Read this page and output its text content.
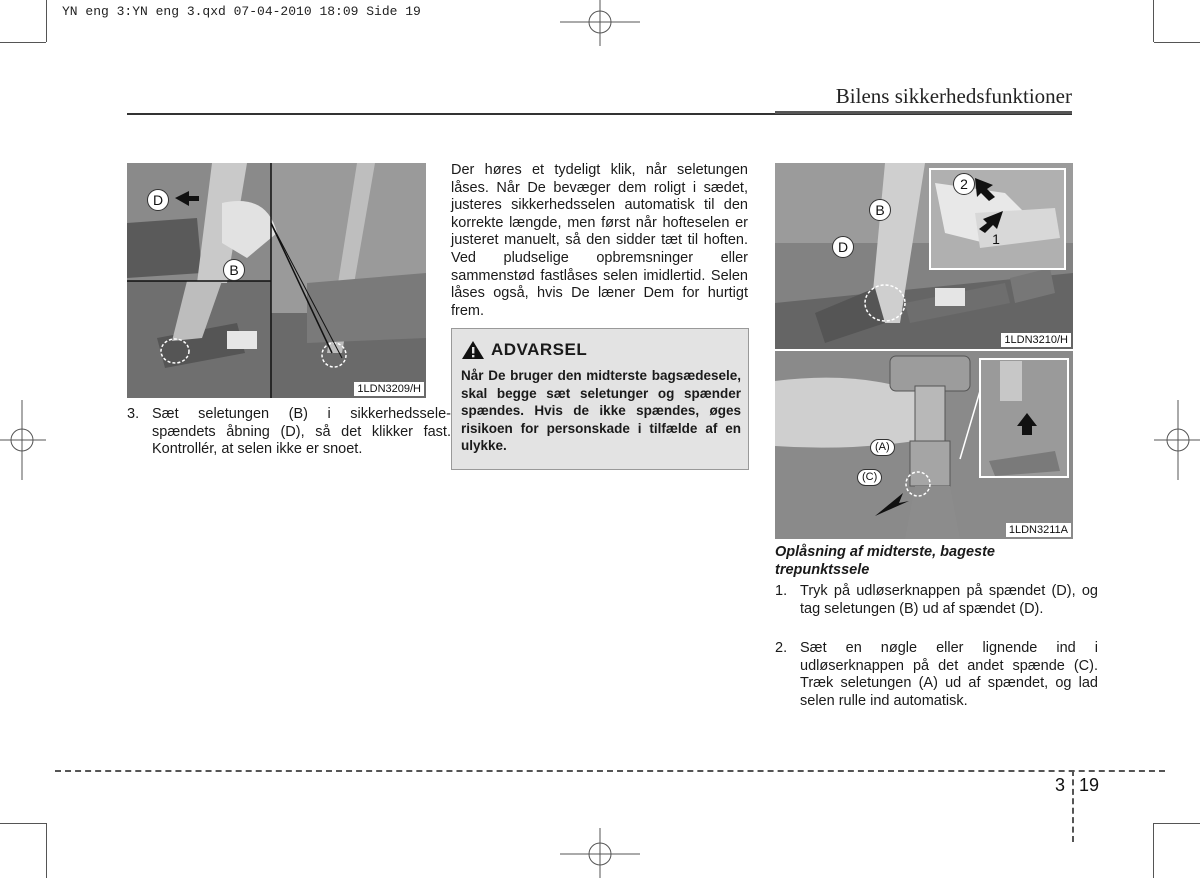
YN eng 3:YN eng 3.qxd 07-04-2010 18:09 Side 19
Bilens sikkerhedsfunktioner
D
B
1LDN3209/H
3. Sæt seletungen (B) i sikkerhedssele-spændets åbning (D), så det klikker fast. Kontrollér, at selen ikke er snoet.
Der høres et tydeligt klik, når seletungen låses. Når De bevæger dem roligt i sædet, justeres sikkerhedsselen automatisk til den korrekte længde, men først når hofteselen er justeret manuelt, så den sidder tæt til hoften. Ved pludselige opbremsninger eller sammenstød fastlåses selen imidlertid. Selen låses også, hvis De læner Dem for hurtigt frem.
ADVARSEL
Når De bruger den midterste bagsædesele, skal begge sæt seletunger og spænder spændes. Hvis de ikke spændes, øges risikoen for personskade i tilfælde af en ulykke.
2
1
B
D
1LDN3210/H
(A)
(C)
1LDN3211A
Oplåsning af midterste, bageste trepunktssele
1. Tryk på udløserknappen på spændet (D), og tag seletungen (B) ud af spændet (D).
2. Sæt en nøgle eller lignende ind i udløserknappen på det andet spænde (C). Træk seletungen (A) ud af spændet, og lad selen rulle ind automatisk.
3 19
